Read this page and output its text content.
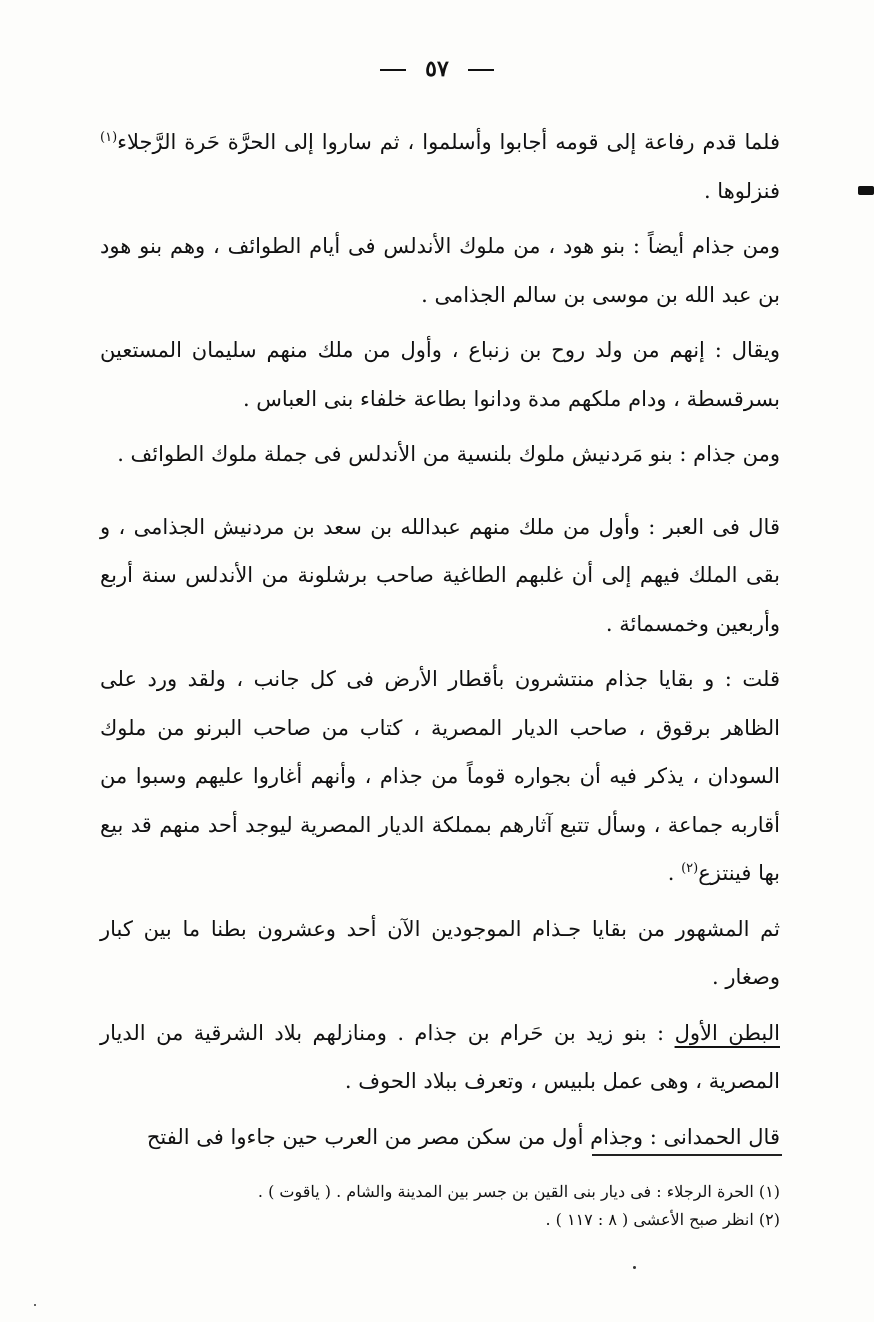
٥٧

فلما قدم رفاعة إلى قومه أجابوا وأسلموا ، ثم ساروا إلى الحرَّة حَرة الرَّجلاء$^{(١)}$ فنزلوها .

ومن جذام أيضاً : بنو هود ، من ملوك الأندلس فى أيام الطوائف ، وهم بنو هود بن عبد الله بن موسى بن سالم الجذامى .

ويقال : إنهم من ولد روح بن زنباع ، وأول من ملك منهم سليمان المستعين بسرقسطة ، ودام ملكهم مدة ودانوا بطاعة خلفاء بنى العباس .

ومن جذام : بنو مَردنيش ملوك بلنسية من الأندلس فى جملة ملوك الطوائف .

قال فى العبر : وأول من ملك منهم عبدالله بن سعد بن مردنيش الجذامى ، و بقى الملك فيهم إلى أن غلبهم الطاغية صاحب برشلونة من الأندلس سنة أربع وأربعين وخمسمائة .

قلت : و بقايا جذام منتشرون بأقطار الأرض فى كل جانب ، ولقد ورد على الظاهر برقوق ، صاحب الديار المصرية ، كتاب من صاحب البرنو من ملوك السودان ، يذكر فيه أن بجواره قوماً من جذام ، وأنهم أغاروا عليهم وسبوا من أقاربه جماعة ، وسأل تتبع آثارهم بمملكة الديار المصرية ليوجد أحد منهم قد بيع بها فينتزع$^{(٢)}$ .

ثم المشهور من بقايا جـذام الموجودين الآن أحد وعشرون بطنا ما بين كبار وصغار .

البطن الأول : بنو زيد بن حَرام بن جذام . ومنازلهم بلاد الشرقية من الديار المصرية ، وهى عمل بلبيس ، وتعرف ببلاد الحوف .

قال الحمدانى : وجذام أول من سكن مصر من العرب حين جاءوا فى الفتح

(١) الحرة الرجلاء : فى ديار بنى القين بن جسر بين المدينة والشام . ( ياقوت ) .
(٢) انظر صبح الأعشى ( ٨ : ١١٧ ) .
